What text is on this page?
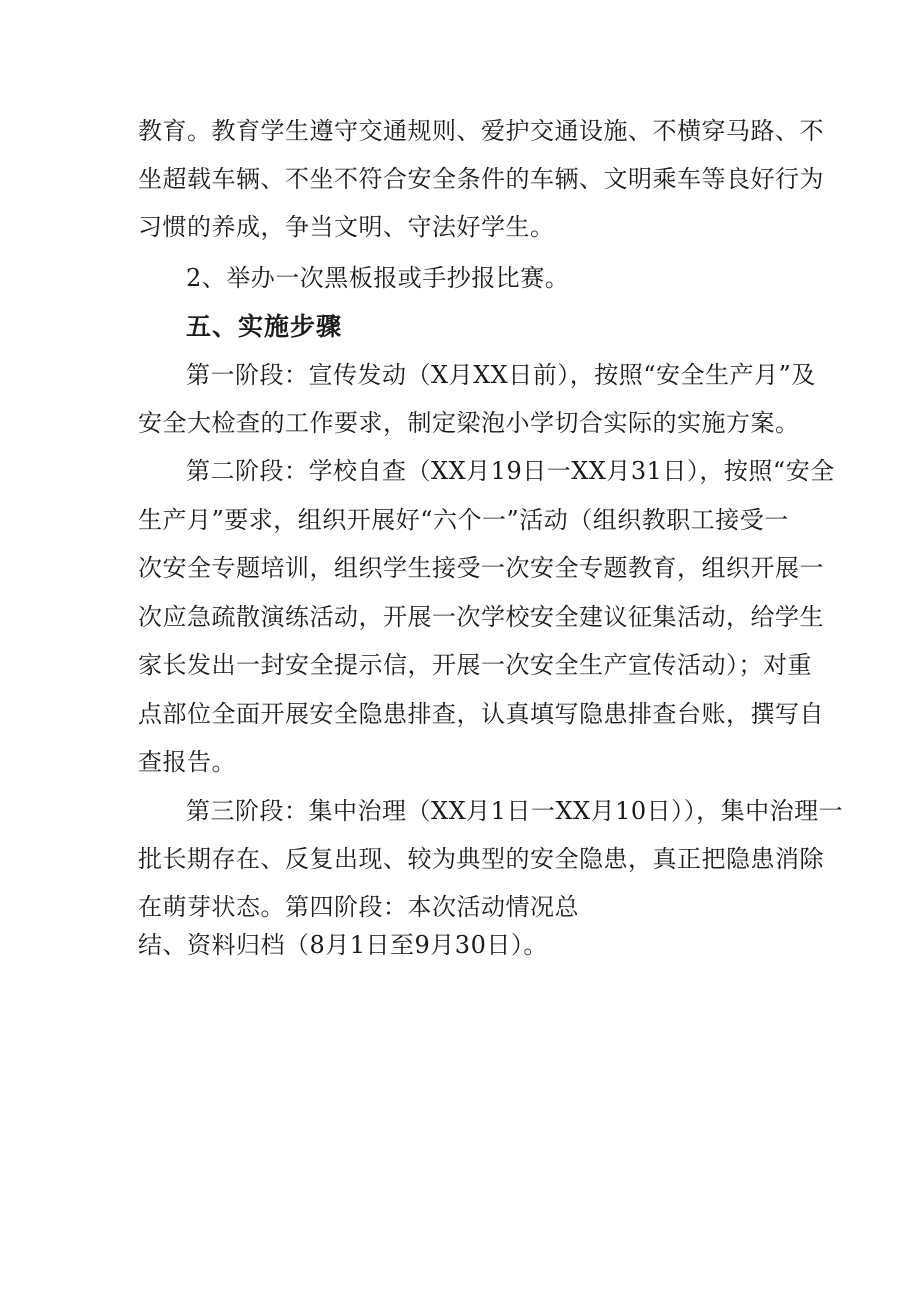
教育。教育学生遵守交通规则、爱护交通设施、不横穿马路、不
坐超载车辆、不坐不符合安全条件的车辆、文明乘车等良好行为
习惯的养成，争当文明、守法好学生。
2、举办一次黑板报或手抄报比赛。
五、实施步骤
第一阶段：宣传发动（X月XX日前），按照“安全生产月”及
安全大检查的工作要求，制定梁泡小学切合实际的实施方案。
第二阶段：学校自查（XX月19日一XX月31日），按照“安全
生产月”要求，组织开展好“六个一”活动（组织教职工接受一
次安全专题培训，组织学生接受一次安全专题教育，组织开展一
次应急疏散演练活动，开展一次学校安全建议征集活动，给学生
家长发出一封安全提示信，开展一次安全生产宣传活动）；对重
点部位全面开展安全隐患排查，认真填写隐患排查台账，撰写自
查报告。
第三阶段：集中治理（XX月1日一XX月10日）），集中治理一
批长期存在、反复出现、较为典型的安全隐患，真正把隐患消除
在萌芽状态。第四阶段：本次活动情况总
结、资料归档（8月1日至9月30日）。
